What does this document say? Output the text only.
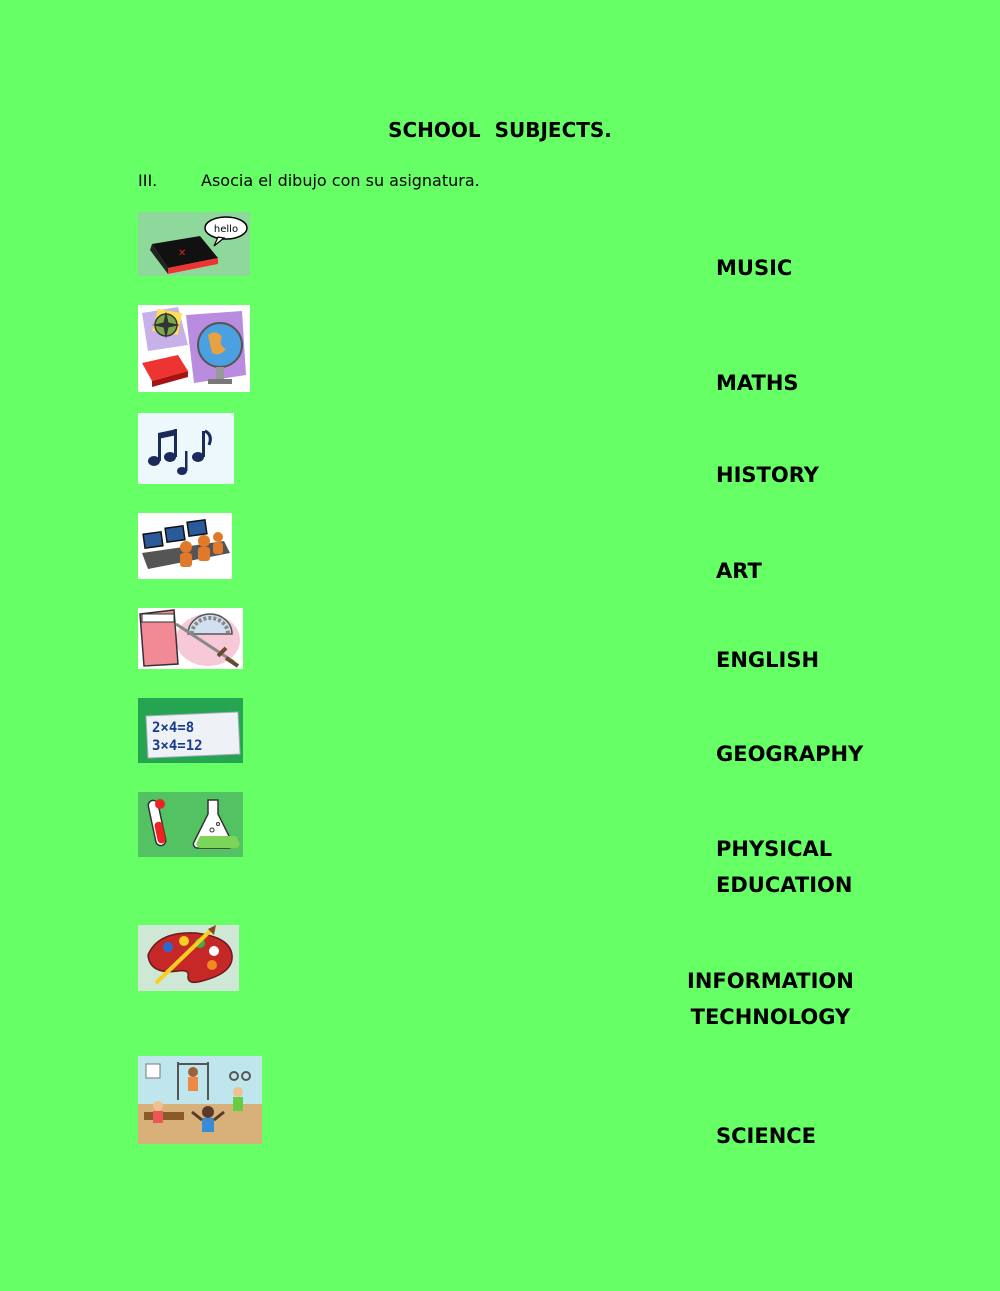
SCHOOL  SUBJECTS.
III.	Asocia el dibujo con su asignatura.
✕
hello
2×4=8
3×4=12
MUSIC
MATHS
HISTORY
ART
ENGLISH
GEOGRAPHY
PHYSICAL
EDUCATION
INFORMATION
TECHNOLOGY
SCIENCE
